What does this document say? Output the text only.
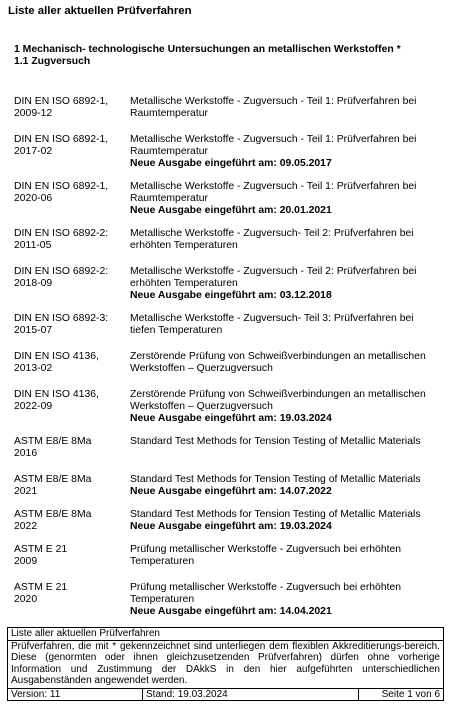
Liste aller aktuellen Prüfverfahren
1 Mechanisch- technologische Untersuchungen an metallischen Werkstoffen *
1.1 Zugversuch
DIN EN ISO 6892-1,
2009-12
Metallische Werkstoffe - Zugversuch - Teil 1: Prüfverfahren bei Raumtemperatur
DIN EN ISO 6892-1,
2017-02
Metallische Werkstoffe - Zugversuch - Teil 1: Prüfverfahren bei Raumtemperatur
Neue Ausgabe eingeführt am: 09.05.2017
DIN EN ISO 6892-1,
2020-06
Metallische Werkstoffe - Zugversuch - Teil 1: Prüfverfahren bei Raumtemperatur
Neue Ausgabe eingeführt am: 20.01.2021
DIN EN ISO 6892-2:
2011-05
Metallische Werkstoffe - Zugversuch- Teil 2: Prüfverfahren bei erhöhten Temperaturen
DIN EN ISO 6892-2:
2018-09
Metallische Werkstoffe - Zugversuch - Teil 2: Prüfverfahren bei erhöhten Temperaturen
Neue Ausgabe eingeführt am: 03.12.2018
DIN EN ISO 6892-3:
2015-07
Metallische Werkstoffe - Zugversuch- Teil 3: Prüfverfahren bei tiefen Temperaturen
DIN EN ISO 4136,
2013-02
Zerstörende Prüfung von Schweißverbindungen an metallischen Werkstoffen – Querzugversuch
DIN EN ISO 4136,
2022-09
Zerstörende Prüfung von Schweißverbindungen an metallischen Werkstoffen – Querzugversuch
Neue Ausgabe eingeführt am: 19.03.2024
ASTM E8/E 8Ma
2016
Standard Test Methods for Tension Testing of Metallic Materials
ASTM E8/E 8Ma
2021
Standard Test Methods for Tension Testing of Metallic Materials
Neue Ausgabe eingeführt am: 14.07.2022
ASTM E8/E 8Ma
2022
Standard Test Methods for Tension Testing of Metallic Materials
Neue Ausgabe eingeführt am: 19.03.2024
ASTM E 21
2009
Prüfung metallischer Werkstoffe - Zugversuch bei erhöhten Temperaturen
ASTM E 21
2020
Prüfung metallischer Werkstoffe - Zugversuch bei erhöhten Temperaturen
Neue Ausgabe eingeführt am: 14.04.2021
Liste aller aktuellen Prüfverfahren
Prüfverfahren, die mit * gekennzeichnet sind unterliegen dem flexiblen Akkreditierungs-bereich. Diese (genormten oder ihnen gleichzusetzenden Prüfverfahren) dürfen ohne vorherige Information und Zustimmung der DAkkS in den hier aufgeführten unterschiedlichen Ausgabenständen angewendet werden.
Version: 11	Stand: 19.03.2024	Seite 1 von 6
